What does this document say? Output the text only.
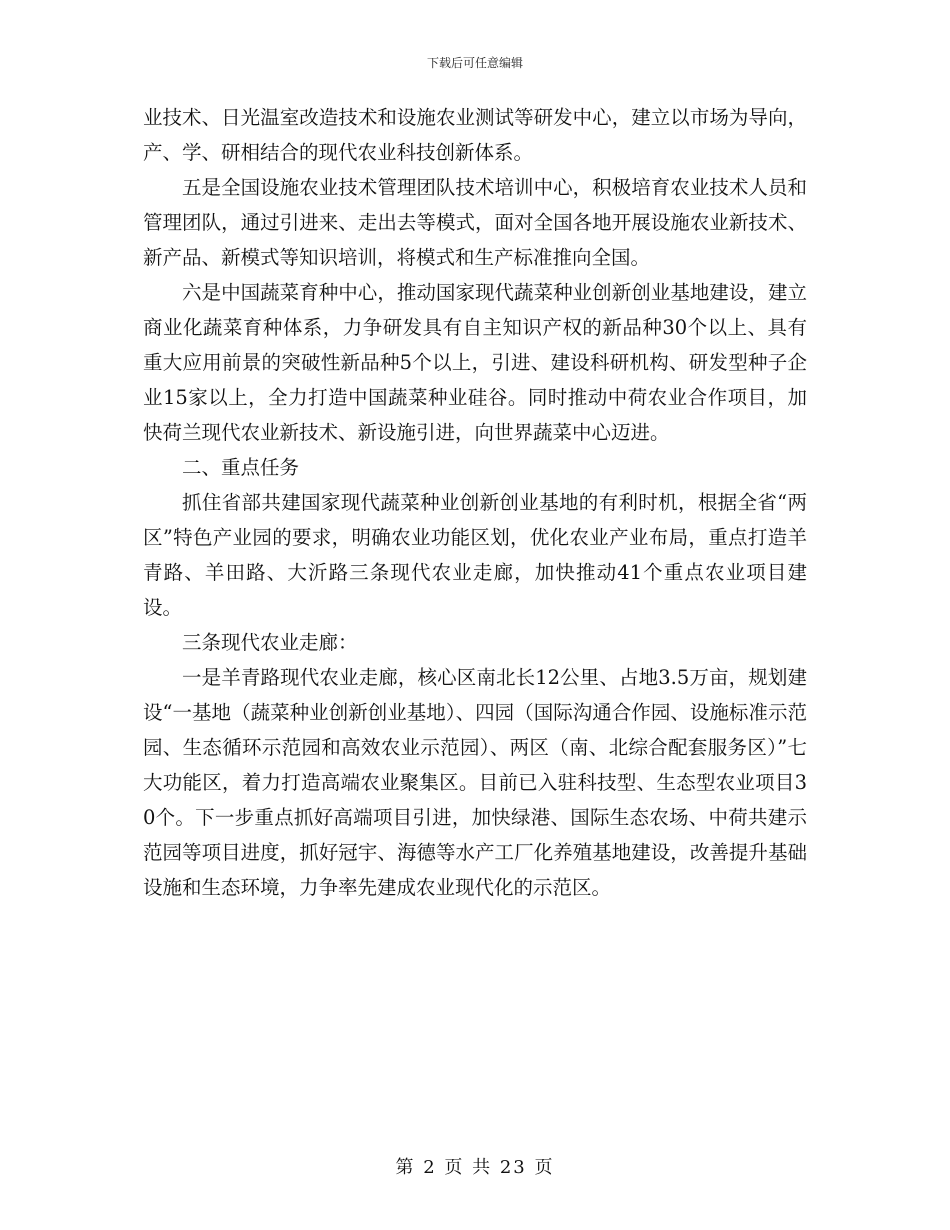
下载后可任意编辑

业技术、日光温室改造技术和设施农业测试等研发中心，建立以市场为导向，产、学、研相结合的现代农业科技创新体系。

五是全国设施农业技术管理团队技术培训中心，积极培育农业技术人员和管理团队，通过引进来、走出去等模式，面对全国各地开展设施农业新技术、新产品、新模式等知识培训，将模式和生产标准推向全国。

六是中国蔬菜育种中心，推动国家现代蔬菜种业创新创业基地建设，建立商业化蔬菜育种体系，力争研发具有自主知识产权的新品种30个以上、具有重大应用前景的突破性新品种5个以上，引进、建设科研机构、研发型种子企业15家以上，全力打造中国蔬菜种业硅谷。同时推动中荷农业合作项目，加快荷兰现代农业新技术、新设施引进，向世界蔬菜中心迈进。

二、重点任务

抓住省部共建国家现代蔬菜种业创新创业基地的有利时机，根据全省“两区”特色产业园的要求，明确农业功能区划，优化农业产业布局，重点打造羊青路、羊田路、大沂路三条现代农业走廊，加快推动41个重点农业项目建设。

三条现代农业走廊：

一是羊青路现代农业走廊，核心区南北长12公里、占地3.5万亩，规划建设“一基地（蔬菜种业创新创业基地）、四园（国际沟通合作园、设施标准示范园、生态循环示范园和高效农业示范园）、两区（南、北综合配套服务区）”七大功能区，着力打造高端农业聚集区。目前已入驻科技型、生态型农业项目30个。下一步重点抓好高端项目引进，加快绿港、国际生态农场、中荷共建示范园等项目进度，抓好冠宇、海德等水产工厂化养殖基地建设，改善提升基础设施和生态环境，力争率先建成农业现代化的示范区。

第 2 页 共 23 页
